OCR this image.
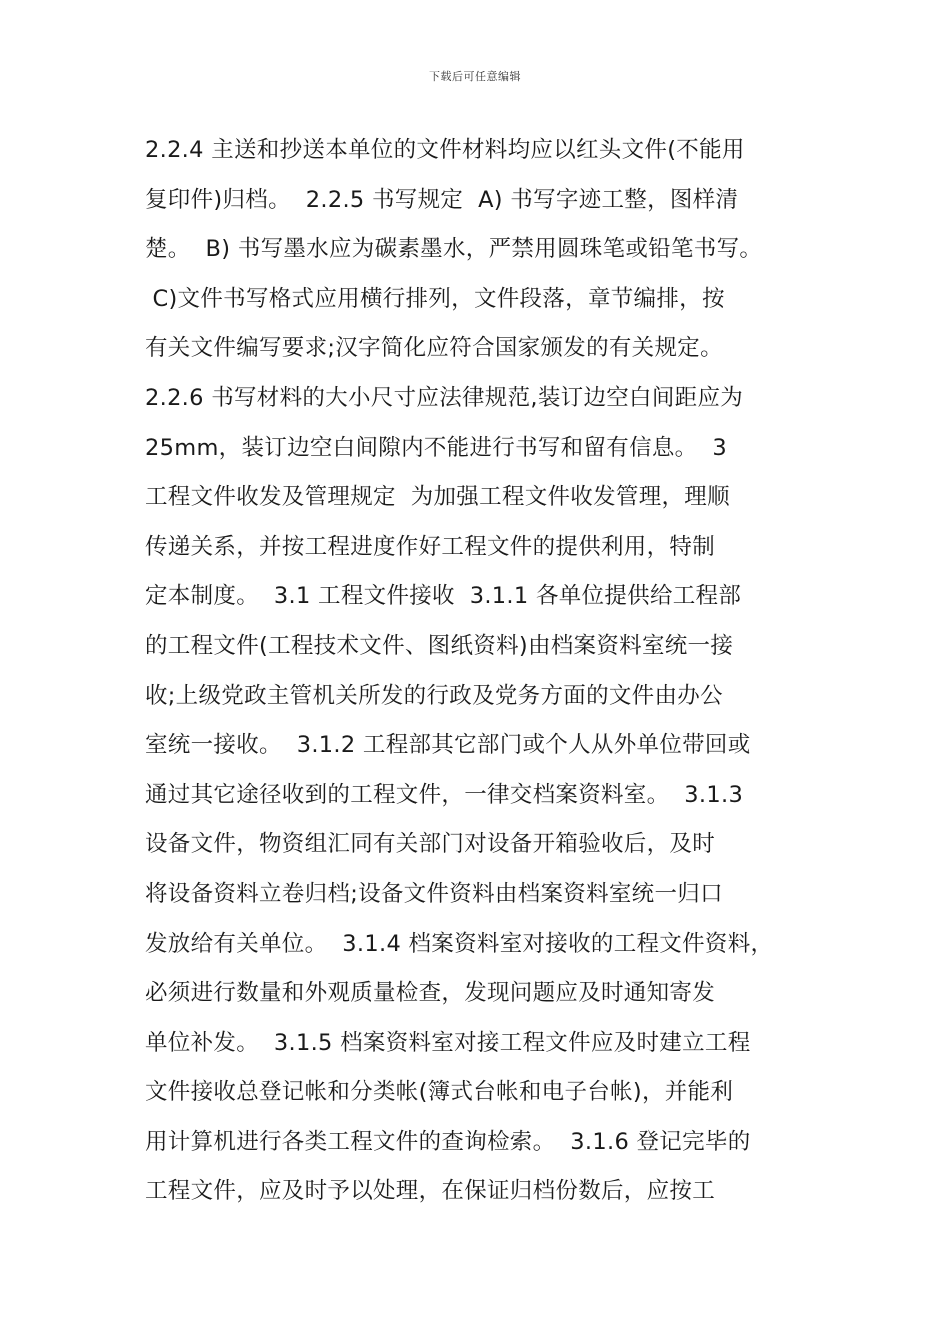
下载后可任意编辑
2.2.4 主送和抄送本单位的文件材料均应以红头文件(不能用
复印件)归档。  2.2.5 书写规定  A) 书写字迹工整，图样清
楚。  B) 书写墨水应为碳素墨水，严禁用圆珠笔或铅笔书写。
C)文件书写格式应用横行排列，文件段落，章节编排，按
有关文件编写要求;汉字简化应符合国家颁发的有关规定。
2.2.6 书写材料的大小尺寸应法律规范,装订边空白间距应为
25mm，装订边空白间隙内不能进行书写和留有信息。  3
工程文件收发及管理规定  为加强工程文件收发管理，理顺
传递关系，并按工程进度作好工程文件的提供利用，特制
定本制度。  3.1 工程文件接收  3.1.1 各单位提供给工程部
的工程文件(工程技术文件、图纸资料)由档案资料室统一接
收;上级党政主管机关所发的行政及党务方面的文件由办公
室统一接收。  3.1.2 工程部其它部门或个人从外单位带回或
通过其它途径收到的工程文件，一律交档案资料室。  3.1.3
设备文件，物资组汇同有关部门对设备开箱验收后，及时
将设备资料立卷归档;设备文件资料由档案资料室统一归口
发放给有关单位。  3.1.4 档案资料室对接收的工程文件资料，
必须进行数量和外观质量检查，发现问题应及时通知寄发
单位补发。  3.1.5 档案资料室对接工程文件应及时建立工程
文件接收总登记帐和分类帐(簿式台帐和电子台帐)，并能利
用计算机进行各类工程文件的查询检索。  3.1.6 登记完毕的
工程文件，应及时予以处理，在保证归档份数后，应按工
